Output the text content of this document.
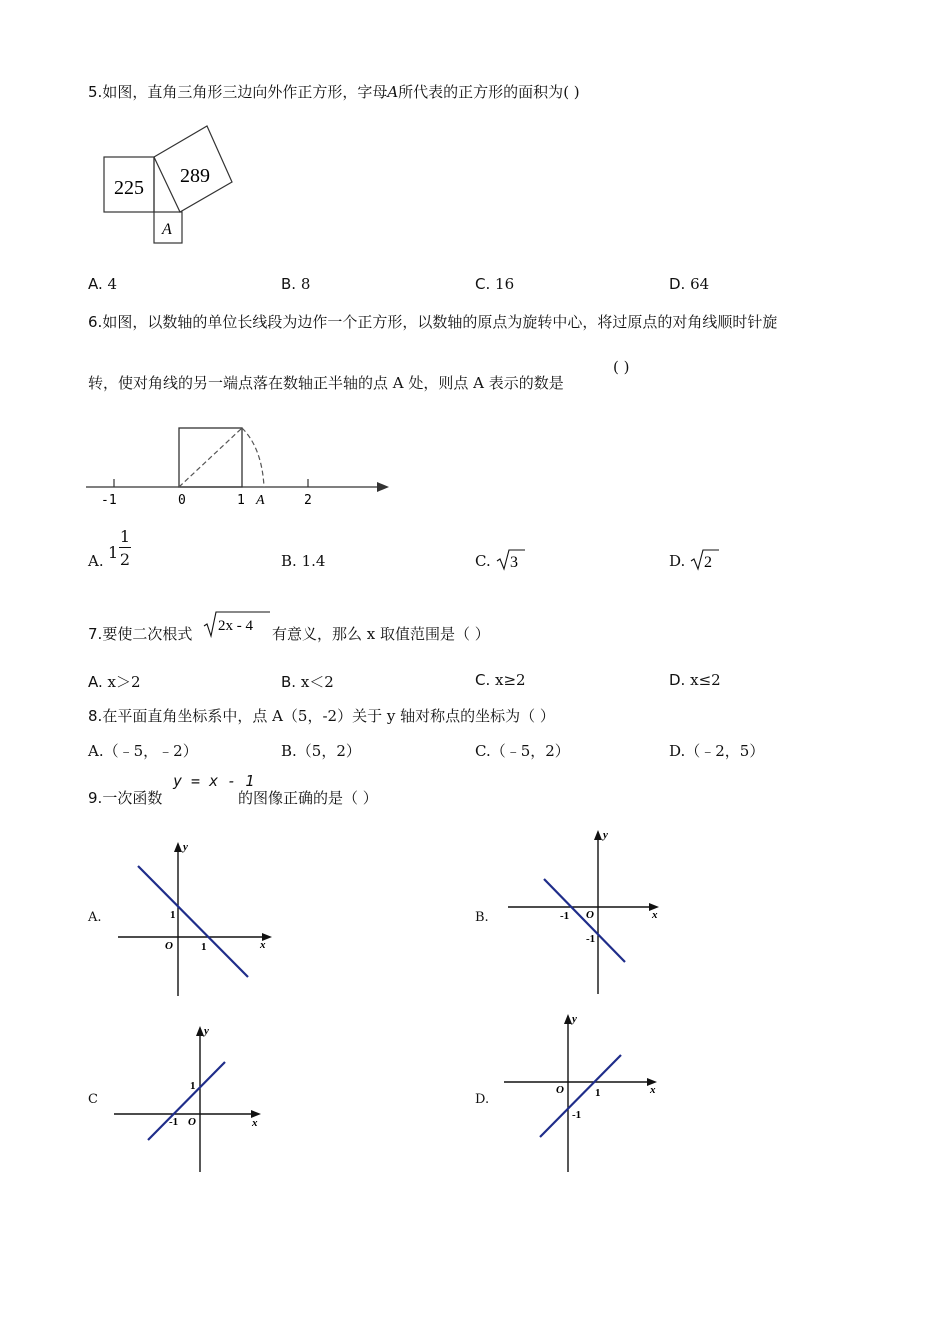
5.如图，直角三角形三边向外作正方形，字母A所代表的正方形的面积为( )
225
289
A
A. 4	B. 8	C. 16	D. 64
6.如图，以数轴的单位长线段为边作一个正方形，以数轴的原点为旋转中心，将过原点的对角线顺时针旋
转，使对角线的另一端点落在数轴正半轴的点 A 处，则点 A 表示的数是
( )
-1	0	1 A	2
A. 1
1
2	B. 1.4	C. 3	D. 2
7.要使二次根式 2x - 4 有意义，那么 x 取值范围是（ ）
A. x＞2	B. x＜2	C. x≥2	D. x≤2
8.在平面直角坐标系中，点 A（5，-2）关于 y 轴对称点的坐标为（ ）
A.（﹣5，﹣2）	B.（5，2）	C.（﹣5，2）	D.（﹣2，5）
9.一次函数
y = x - 1
的图像正确的是（ ）
A.
y
x
O
1
1
B.
y
x
O
-1
-1
C
y
x
O
1
-1
D.
y
x
O	1
-1
